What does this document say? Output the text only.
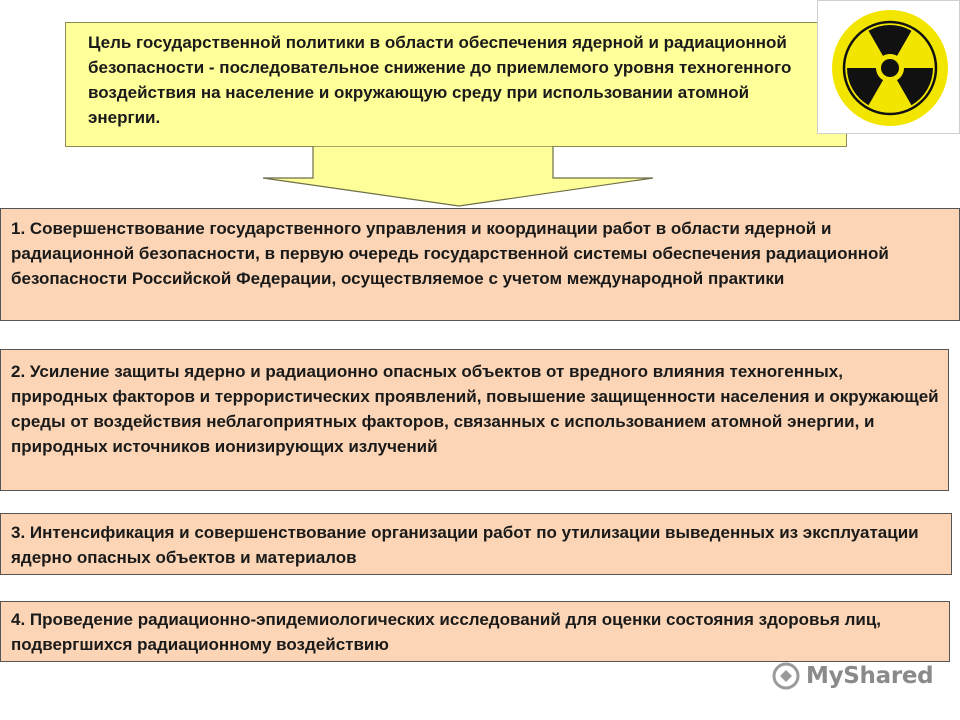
Цель государственной политики в области обеспечения ядерной и радиационной безопасности - последовательное снижение до приемлемого уровня техногенного воздействия на население и окружающую среду при использовании атомной энергии.
1. Совершенствование государственного управления и координации работ в области ядерной и радиационной безопасности, в первую очередь государственной системы обеспечения радиационной безопасности Российской Федерации, осуществляемое с учетом международной практики
2. Усиление защиты ядерно и радиационно опасных объектов от вредного влияния техногенных, природных факторов и террористических проявлений, повышение защищенности населения и окружающей среды от воздействия неблагоприятных факторов, связанных с использованием атомной энергии, и природных источников ионизирующих излучений
3. Интенсификация и совершенствование организации работ по утилизации выведенных из эксплуатации ядерно опасных объектов и материалов
4. Проведение радиационно-эпидемиологических исследований для оценки состояния здоровья лиц, подвергшихся радиационному воздействию
MyShared
